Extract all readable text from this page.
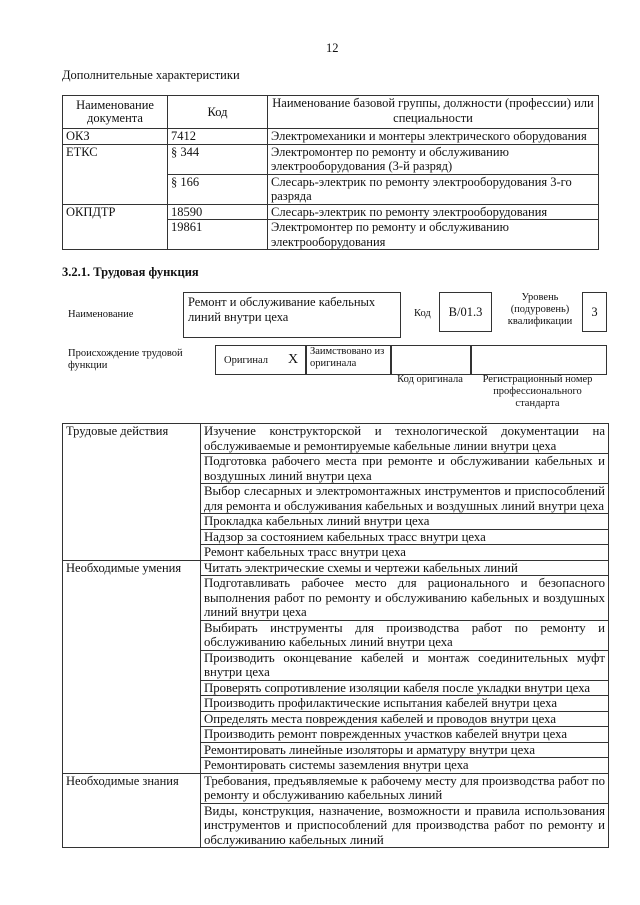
12
Дополнительные характеристики
Наименование документа	Код	Наименование базовой группы, должности (профессии) или специальности
ОКЗ	7412	Электромеханики и монтеры электрического оборудования
ЕТКС	§ 344	Электромонтер по ремонту и обслуживанию электрооборудования (3-й разряд)
	§ 166	Слесарь-электрик по ремонту электрооборудования 3-го разряда
ОКПДТР	18590	Слесарь-электрик по ремонту электрооборудования
	19861	Электромонтер по ремонту и обслуживанию электрооборудования
3.2.1. Трудовая функция
Наименование
Ремонт и обслуживание кабельных линий внутри цеха	Код	B/01.3
Уровень (подуровень) квалификации
3
Происхождение трудовой функции	Оригинал X
Заимствовано из оригинала
Код оригинала	Регистрационный номер профессионального стандарта
Трудовые действия	Изучение конструкторской и технологической документации на обслуживаемые и ремонтируемые кабельные линии внутри цеха
	Подготовка рабочего места при ремонте и обслуживании кабельных и воздушных линий внутри цеха
	Выбор слесарных и электромонтажных инструментов и приспособлений для ремонта и обслуживания кабельных и воздушных линий внутри цеха
	Прокладка кабельных линий внутри цеха
	Надзор за состоянием кабельных трасс внутри цеха
	Ремонт кабельных трасс внутри цеха
Необходимые умения	Читать электрические схемы и чертежи кабельных линий
	Подготавливать рабочее место для рационального и безопасного выполнения работ по ремонту и обслуживанию кабельных и воздушных линий внутри цеха
	Выбирать инструменты для производства работ по ремонту и обслуживанию кабельных линий внутри цеха
	Производить оконцевание кабелей и монтаж соединительных муфт внутри цеха
	Проверять сопротивление изоляции кабеля после укладки внутри цеха
	Производить профилактические испытания кабелей внутри цеха
	Определять места повреждения кабелей и проводов внутри цеха
	Производить ремонт поврежденных участков кабелей внутри цеха
	Ремонтировать линейные изоляторы и арматуру внутри цеха
	Ремонтировать системы заземления внутри цеха
Необходимые знания	Требования, предъявляемые к рабочему месту для производства работ по ремонту и обслуживанию кабельных линий
	Виды, конструкция, назначение, возможности и правила использования инструментов и приспособлений для производства работ по ремонту и обслуживанию кабельных линий
